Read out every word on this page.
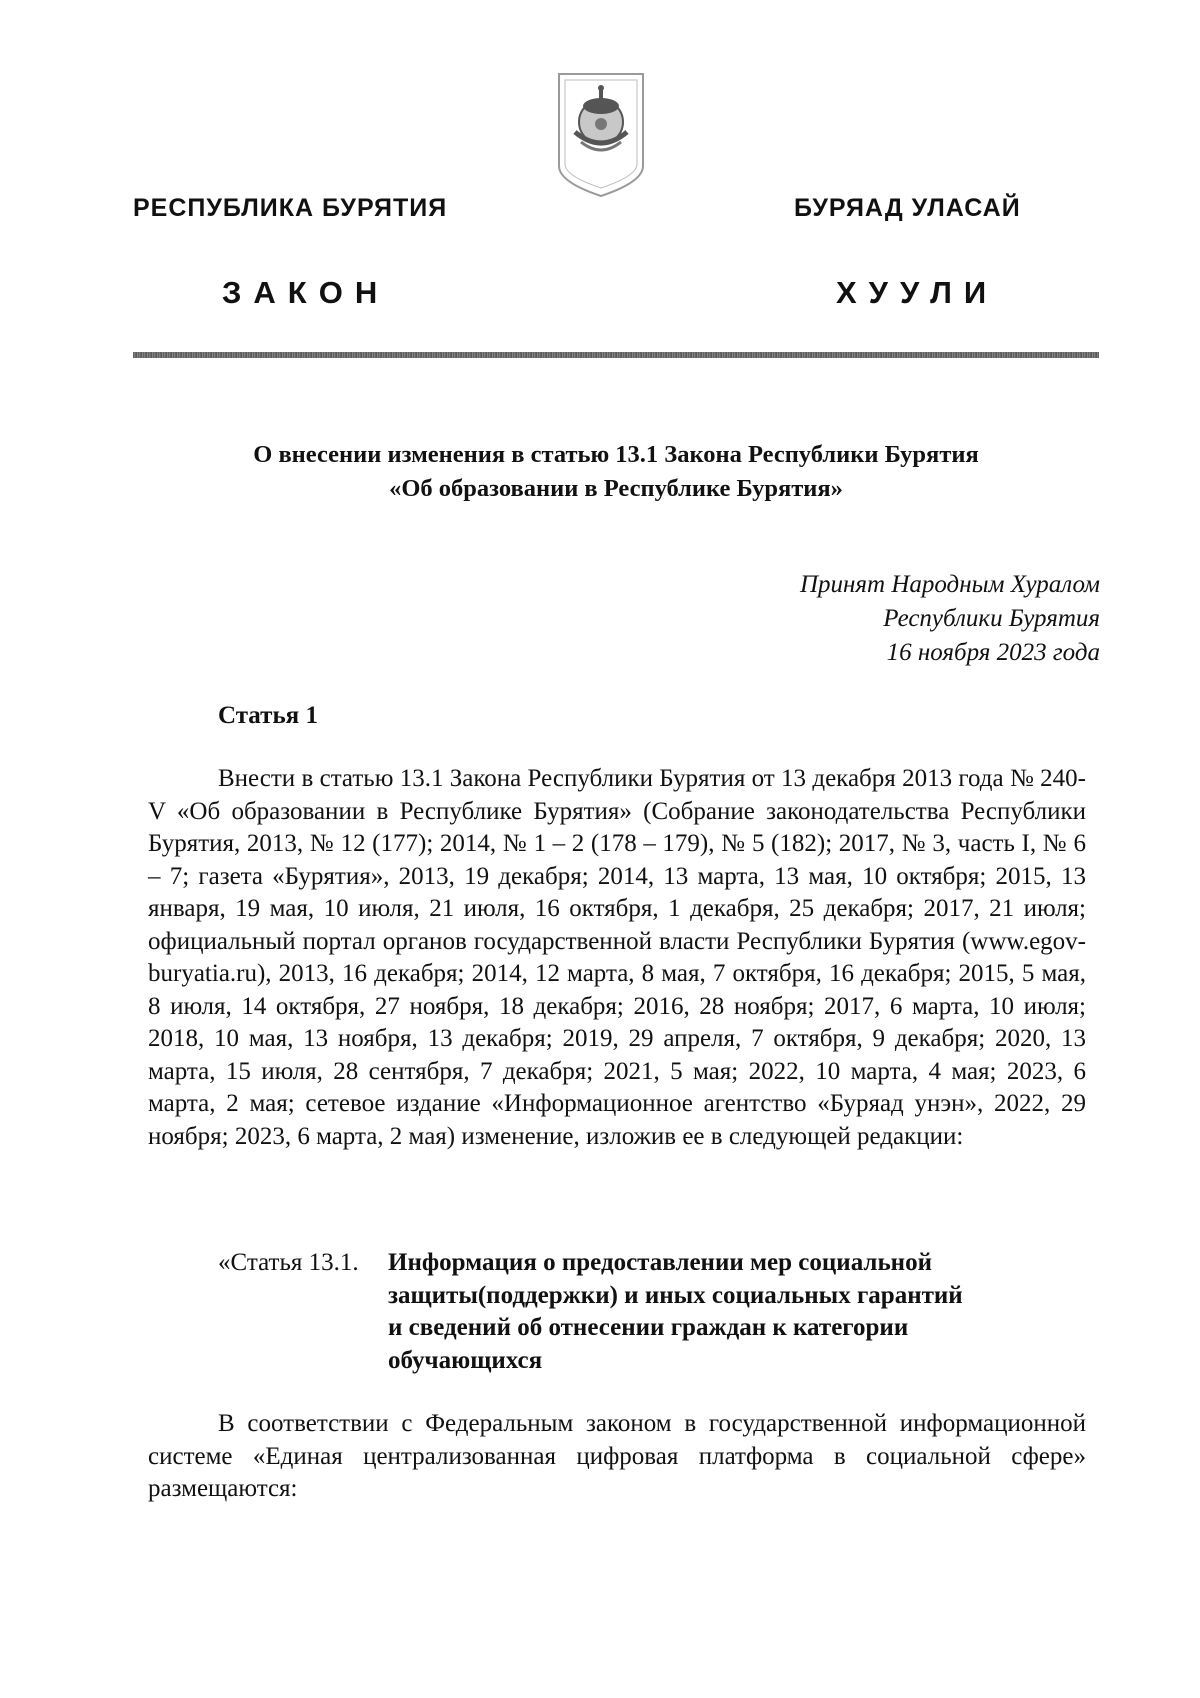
РЕСПУБЛИКА БУРЯТИЯ	БУРЯАД УЛАСАЙ
ЗАКОН	ХУУЛИ
О внесении изменения в статью 13.1 Закона Республики Бурятия
«Об образовании в Республике Бурятия»
Принят Народным Хуралом
Республики Бурятия
16 ноября 2023 года
Статья 1

Внести в статью 13.1 Закона Республики Бурятия от 13 декабря 2013 года № 240-V «Об образовании в Республике Бурятия» (Собрание законодательства Республики Бурятия, 2013, № 12 (177); 2014, № 1 – 2 (178 – 179), № 5 (182); 2017, № 3, часть I, № 6 – 7; газета «Бурятия», 2013, 19 декабря; 2014, 13 марта, 13 мая, 10 октября; 2015, 13 января, 19 мая, 10 июля, 21 июля, 16 октября, 1 декабря, 25 декабря; 2017, 21 июля; официальный портал органов государственной власти Республики Бурятия (www.egov-buryatia.ru), 2013, 16 декабря; 2014, 12 марта, 8 мая, 7 октября, 16 декабря; 2015, 5 мая, 8 июля, 14 октября, 27 ноября, 18 декабря; 2016, 28 ноября; 2017, 6 марта, 10 июля; 2018, 10 мая, 13 ноября, 13 декабря; 2019, 29 апреля, 7 октября, 9 декабря; 2020, 13 марта, 15 июля, 28 сентября, 7 декабря; 2021, 5 мая; 2022, 10 марта, 4 мая; 2023, 6 марта, 2 мая; сетевое издание «Информационное агентство «Буряад унэн», 2022, 29 ноября; 2023, 6 марта, 2 мая) изменение, изложив ее в следующей редакции:

«Статья 13.1. Информация о предоставлении мер социальной
защиты(поддержки) и иных социальных гарантий
и сведений об отнесении граждан к категории
обучающихся

В соответствии с Федеральным законом в государственной информационной системе «Единая централизованная цифровая платформа в социальной сфере» размещаются:
